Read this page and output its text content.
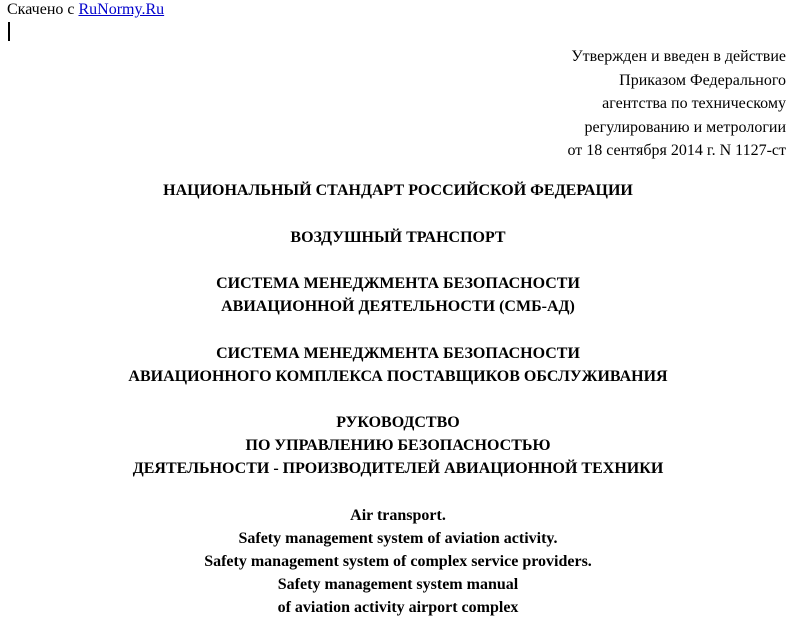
Скачено с RuNormy.Ru
Утвержден и введен в действие
Приказом Федерального
агентства по техническому
регулированию и метрологии
от 18 сентября 2014 г. N 1127-ст
НАЦИОНАЛЬНЫЙ СТАНДАРТ РОССИЙСКОЙ ФЕДЕРАЦИИ
ВОЗДУШНЫЙ ТРАНСПОРТ
СИСТЕМА МЕНЕДЖМЕНТА БЕЗОПАСНОСТИ
АВИАЦИОННОЙ ДЕЯТЕЛЬНОСТИ (СМБ-АД)
СИСТЕМА МЕНЕДЖМЕНТА БЕЗОПАСНОСТИ
АВИАЦИОННОГО КОМПЛЕКСА ПОСТАВЩИКОВ ОБСЛУЖИВАНИЯ
РУКОВОДСТВО
ПО УПРАВЛЕНИЮ БЕЗОПАСНОСТЬЮ
ДЕЯТЕЛЬНОСТИ - ПРОИЗВОДИТЕЛЕЙ АВИАЦИОННОЙ ТЕХНИКИ
Air transport.
Safety management system of aviation activity.
Safety management system of complex service providers.
Safety management system manual
of aviation activity airport complex
